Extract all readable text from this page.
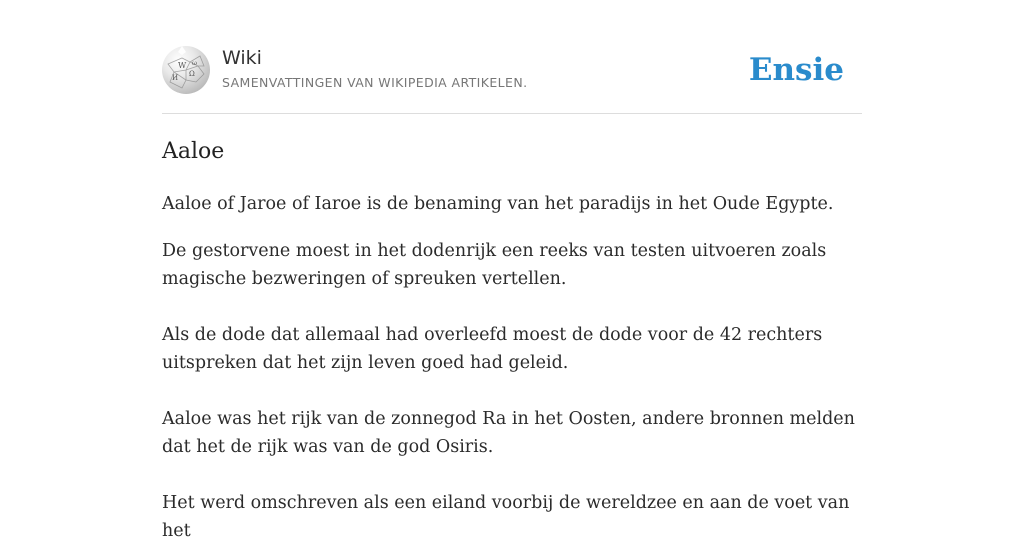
W
Ω
И
ω Wiki
SAMENVATTINGEN VAN WIKIPEDIA ARTIKELEN.	Ensie
Aaloe

Aaloe of Jaroe of Iaroe is de benaming van het paradijs in het Oude Egypte.

De gestorvene moest in het dodenrijk een reeks van testen uitvoeren zoals magische bezweringen of spreuken vertellen.

Als de dode dat allemaal had overleefd moest de dode voor de 42 rechters uitspreken dat het zijn leven goed had geleid.

Aaloe was het rijk van de zonnegod Ra in het Oosten, andere bronnen melden dat het de rijk was van de god Osiris.

Het werd omschreven als een eiland voorbij de wereldzee en aan de voet van het
